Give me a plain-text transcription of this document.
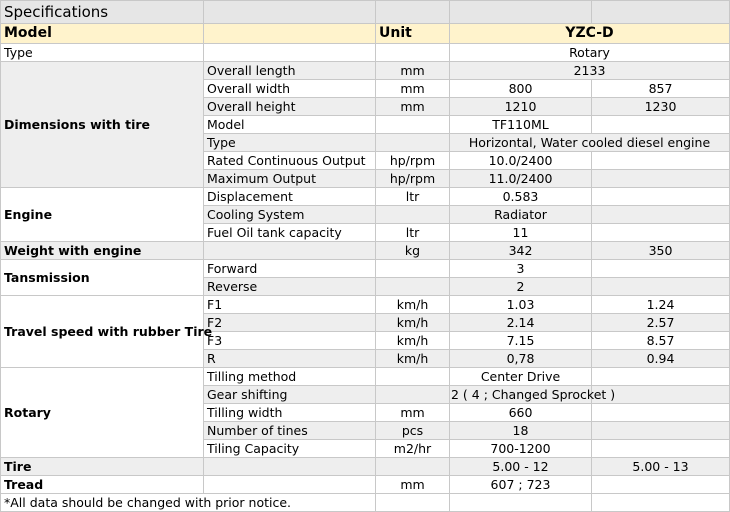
Specifications				
Model		Unit	YZC-D	
Type			Rotary	
Dimensions with tire	Overall length	mm	2133	
	Overall width	mm	800	857
	Overall height	mm	1210	1230
	Model		TF110ML	
	Type		Horizontal, Water cooled diesel engine	
	Rated Continuous Output	hp/rpm	10.0/2400	
	Maximum Output	hp/rpm	11.0/2400	
Engine	Displacement	ltr	0.583	
	Cooling System		Radiator	
	Fuel Oil tank capacity	ltr	11	
Weight with engine		kg	342	350
Tansmission	Forward		3	
	Reverse		2	
Travel speed with rubber Tire	F1	km/h	1.03	1.24
	F2	km/h	2.14	2.57
	F3	km/h	7.15	8.57
	R	km/h	0,78	0.94
Rotary	Tilling method		Center Drive	
	Gear shifting		2 ( 4 ; Changed Sprocket )	
	Tilling width	mm	660	
	Number of tines	pcs	18	
	Tiling Capacity	m2/hr	700-1200	
Tire			5.00 - 12	5.00 - 13
Tread		mm	607 ; 723	
*All data should be changed with prior notice.				
